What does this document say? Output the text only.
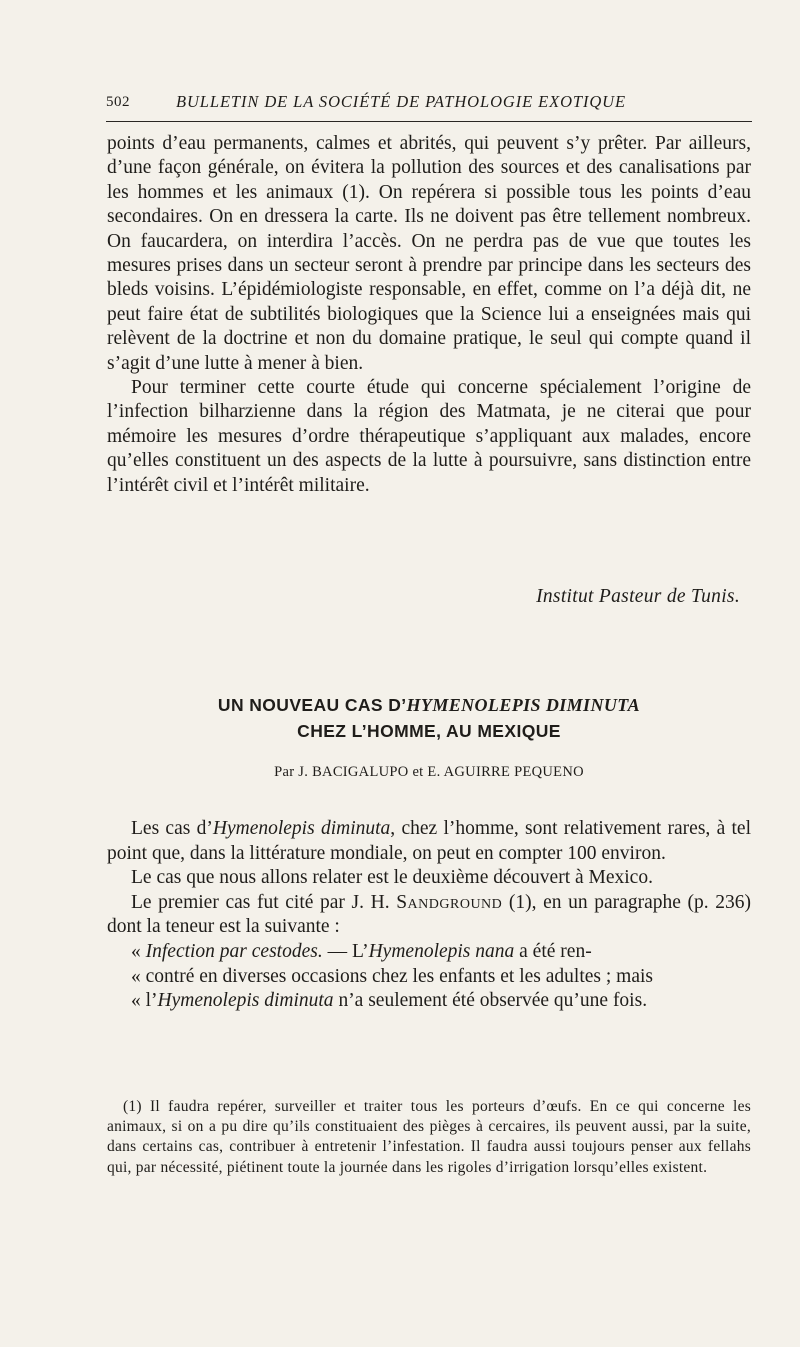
502	BULLETIN DE LA SOCIÉTÉ DE PATHOLOGIE EXOTIQUE

points d’eau permanents, calmes et abrités, qui peuvent s’y prêter. Par ailleurs, d’une façon générale, on évitera la pollution des sources et des canalisations par les hommes et les animaux (1). On repérera si possible tous les points d’eau secondaires. On en dressera la carte. Ils ne doivent pas être tellement nombreux. On faucardera, on interdira l’accès. On ne perdra pas de vue que toutes les mesures prises dans un secteur seront à prendre par principe dans les secteurs des bleds voisins. L’épidémiologiste responsable, en effet, comme on l’a déjà dit, ne peut faire état de subtilités biologiques que la Science lui a enseignées mais qui relèvent de la doctrine et non du domaine pratique, le seul qui compte quand il s’agit d’une lutte à mener à bien.

Pour terminer cette courte étude qui concerne spécialement l’origine de l’infection bilharzienne dans la région des Matmata, je ne citerai que pour mémoire les mesures d’ordre thérapeutique s’appliquant aux malades, encore qu’elles constituent un des aspects de la lutte à poursuivre, sans distinction entre l’intérêt civil et l’intérêt militaire.

Institut Pasteur de Tunis.
UN NOUVEAU CAS D’HYMENOLEPIS DIMINUTA
CHEZ L’HOMME, AU MEXIQUE
Par J. BACIGALUPO et E. AGUIRRE PEQUENO

Les cas d’Hymenolepis diminuta, chez l’homme, sont relativement rares, à tel point que, dans la littérature mondiale, on peut en compter 100 environ.

Le cas que nous allons relater est le deuxième découvert à Mexico.

Le premier cas fut cité par J. H. Sandground (1), en un paragraphe (p. 236) dont la teneur est la suivante :

« Infection par cestodes. — L’Hymenolepis nana a été ren-

« contré en diverses occasions chez les enfants et les adultes ; mais

« l’Hymenolepis diminuta n’a seulement été observée qu’une fois.

(1) Il faudra repérer, surveiller et traiter tous les porteurs d’œufs. En ce qui concerne les animaux, si on a pu dire qu’ils constituaient des pièges à cercaires, ils peuvent aussi, par la suite, dans certains cas, contribuer à entretenir l’infestation. Il faudra aussi toujours penser aux fellahs qui, par nécessité, piétinent toute la journée dans les rigoles d’irrigation lorsqu’elles existent.
